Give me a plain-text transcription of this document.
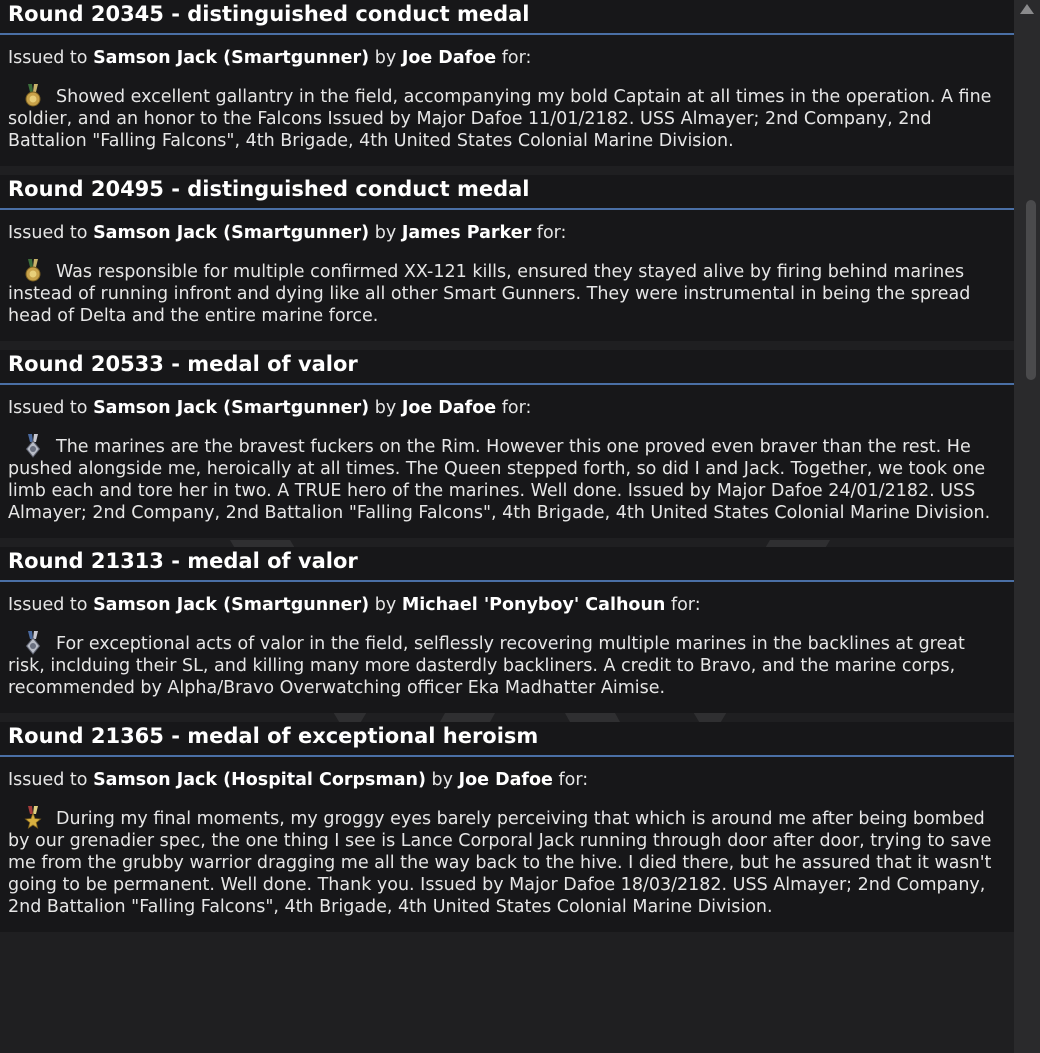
Round 20345 - distinguished conduct medal
Issued to Samson Jack (Smartgunner) by Joe Dafoe for:
Showed excellent gallantry in the field, accompanying my bold Captain at all times in the operation. A fine soldier, and an honor to the Falcons Issued by Major Dafoe 11/01/2182. USS Almayer; 2nd Company, 2nd Battalion "Falling Falcons", 4th Brigade, 4th United States Colonial Marine Division.
Round 20495 - distinguished conduct medal
Issued to Samson Jack (Smartgunner) by James Parker for:
Was responsible for multiple confirmed XX-121 kills, ensured they stayed alive by firing behind marines instead of running infront and dying like all other Smart Gunners. They were instrumental in being the spread head of Delta and the entire marine force.
Round 20533 - medal of valor
Issued to Samson Jack (Smartgunner) by Joe Dafoe for:
The marines are the bravest fuckers on the Rim. However this one proved even braver than the rest. He pushed alongside me, heroically at all times. The Queen stepped forth, so did I and Jack. Together, we took one limb each and tore her in two. A TRUE hero of the marines. Well done. Issued by Major Dafoe 24/01/2182. USS Almayer; 2nd Company, 2nd Battalion "Falling Falcons", 4th Brigade, 4th United States Colonial Marine Division.
Round 21313 - medal of valor
Issued to Samson Jack (Smartgunner) by Michael 'Ponyboy' Calhoun for:
For exceptional acts of valor in the field, selflessly recovering multiple marines in the backlines at great risk, inclduing their SL, and killing many more dasterdly backliners. A credit to Bravo, and the marine corps, recommended by Alpha/Bravo Overwatching officer Eka Madhatter Aimise.
Round 21365 - medal of exceptional heroism
Issued to Samson Jack (Hospital Corpsman) by Joe Dafoe for:
During my final moments, my groggy eyes barely perceiving that which is around me after being bombed by our grenadier spec, the one thing I see is Lance Corporal Jack running through door after door, trying to save me from the grubby warrior dragging me all the way back to the hive. I died there, but he assured that it wasn't going to be permanent. Well done. Thank you. Issued by Major Dafoe 18/03/2182. USS Almayer; 2nd Company, 2nd Battalion "Falling Falcons", 4th Brigade, 4th United States Colonial Marine Division.
